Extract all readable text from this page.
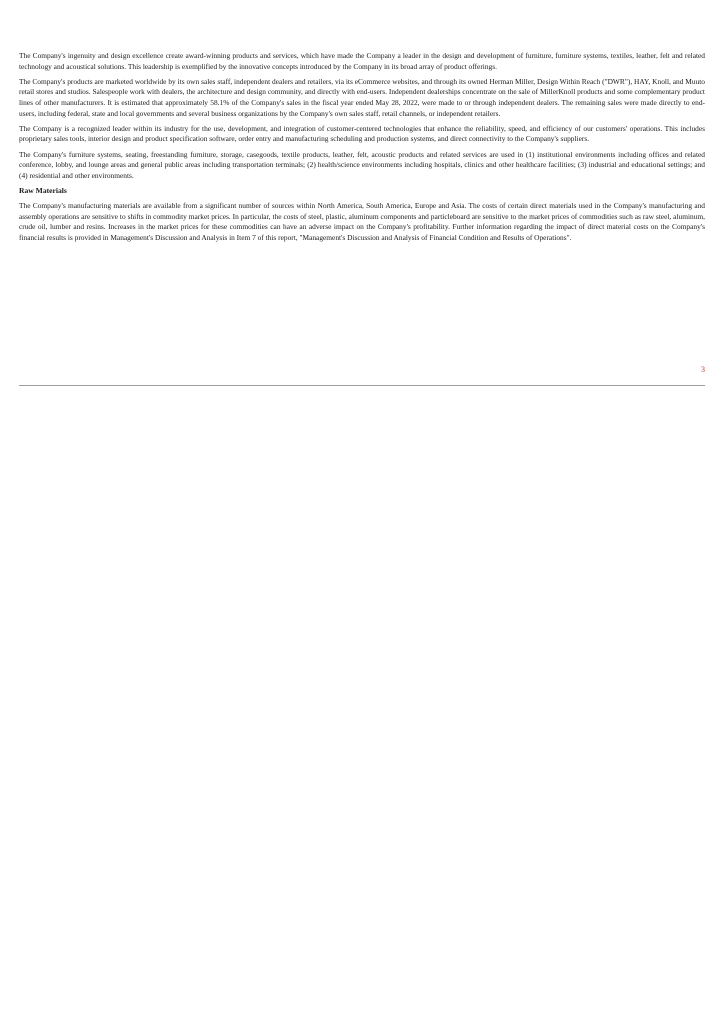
The Company's ingenuity and design excellence create award-winning products and services, which have made the Company a leader in the design and development of furniture, furniture systems, textiles, leather, felt and related technology and acoustical solutions. This leadership is exemplified by the innovative concepts introduced by the Company in its broad array of product offerings.

The Company's products are marketed worldwide by its own sales staff, independent dealers and retailers, via its eCommerce websites, and through its owned Herman Miller, Design Within Reach ("DWR"), HAY, Knoll, and Muuto retail stores and studios. Salespeople work with dealers, the architecture and design community, and directly with end-users. Independent dealerships concentrate on the sale of MillerKnoll products and some complementary product lines of other manufacturers. It is estimated that approximately 58.1% of the Company's sales in the fiscal year ended May 28, 2022, were made to or through independent dealers. The remaining sales were made directly to end-users, including federal, state and local governments and several business organizations by the Company's own sales staff, retail channels, or independent retailers.

The Company is a recognized leader within its industry for the use, development, and integration of customer-centered technologies that enhance the reliability, speed, and efficiency of our customers' operations. This includes proprietary sales tools, interior design and product specification software, order entry and manufacturing scheduling and production systems, and direct connectivity to the Company's suppliers.

The Company's furniture systems, seating, freestanding furniture, storage, casegoods, textile products, leather, felt, acoustic products and related services are used in (1) institutional environments including offices and related conference, lobby, and lounge areas and general public areas including transportation terminals; (2) health/science environments including hospitals, clinics and other healthcare facilities; (3) industrial and educational settings; and (4) residential and other environments.

Raw Materials

The Company's manufacturing materials are available from a significant number of sources within North America, South America, Europe and Asia. The costs of certain direct materials used in the Company's manufacturing and assembly operations are sensitive to shifts in commodity market prices. In particular, the costs of steel, plastic, aluminum components and particleboard are sensitive to the market prices of commodities such as raw steel, aluminum, crude oil, lumber and resins. Increases in the market prices for these commodities can have an adverse impact on the Company's profitability. Further information regarding the impact of direct material costs on the Company's financial results is provided in Management's Discussion and Analysis in Item 7 of this report, "Management's Discussion and Analysis of Financial Condition and Results of Operations".

3
